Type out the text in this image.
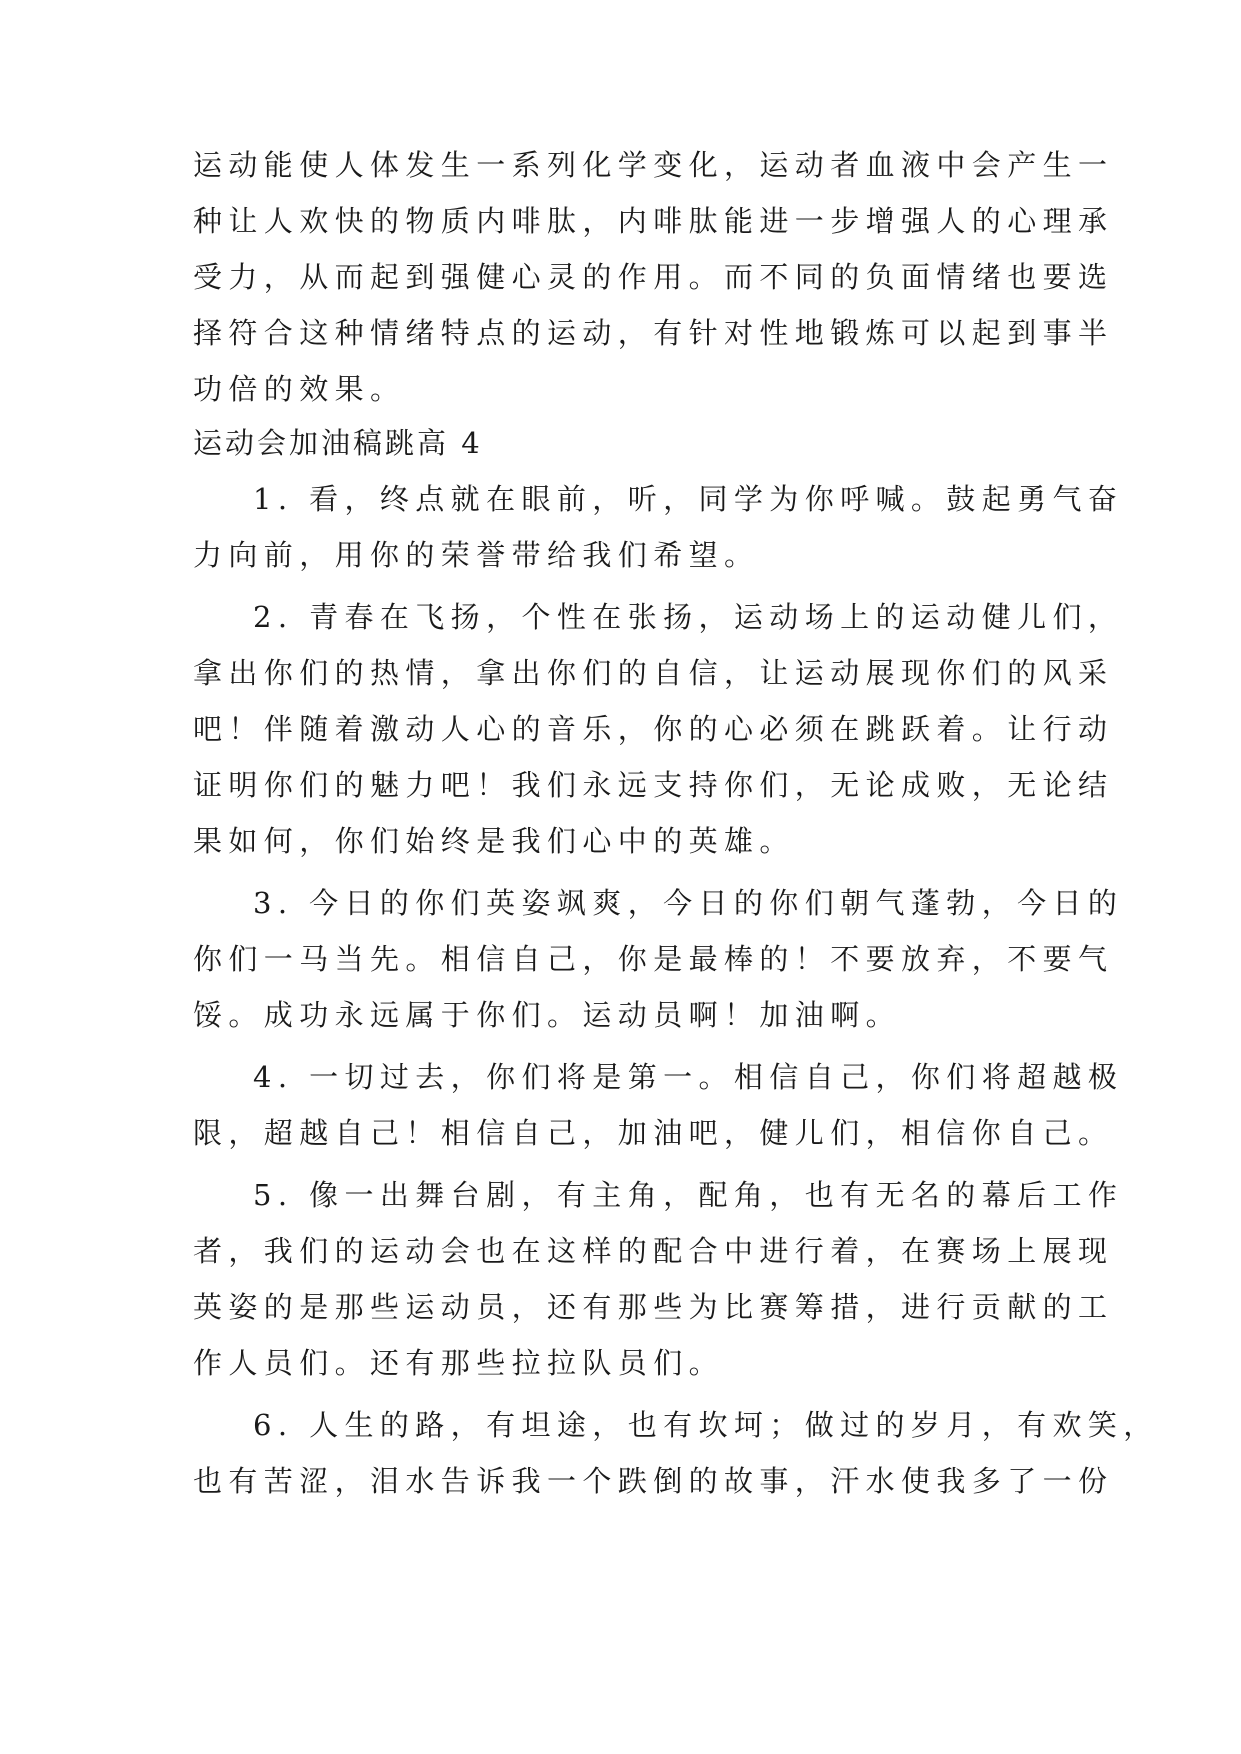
运动能使人体发生一系列化学变化，运动者血液中会产生一
种让人欢快的物质内啡肽，内啡肽能进一步增强人的心理承
受力，从而起到强健心灵的作用。而不同的负面情绪也要选
择符合这种情绪特点的运动，有针对性地锻炼可以起到事半
功倍的效果。
运动会加油稿跳高 4
1. 看，终点就在眼前，听，同学为你呼喊。鼓起勇气奋
力向前，用你的荣誉带给我们希望。
2. 青春在飞扬，个性在张扬，运动场上的运动健儿们，
拿出你们的热情，拿出你们的自信，让运动展现你们的风采
吧！伴随着激动人心的音乐，你的心必须在跳跃着。让行动
证明你们的魅力吧！我们永远支持你们，无论成败，无论结
果如何，你们始终是我们心中的英雄。
3. 今日的你们英姿飒爽，今日的你们朝气蓬勃，今日的
你们一马当先。相信自己，你是最棒的！不要放弃，不要气
馁。成功永远属于你们。运动员啊！加油啊。
4. 一切过去，你们将是第一。相信自己，你们将超越极
限，超越自己！相信自己，加油吧，健儿们，相信你自己。
5. 像一出舞台剧，有主角，配角，也有无名的幕后工作
者，我们的运动会也在这样的配合中进行着，在赛场上展现
英姿的是那些运动员，还有那些为比赛筹措，进行贡献的工
作人员们。还有那些拉拉队员们。
6. 人生的路，有坦途，也有坎坷；做过的岁月，有欢笑，
也有苦涩，泪水告诉我一个跌倒的故事，汗水使我多了一份
